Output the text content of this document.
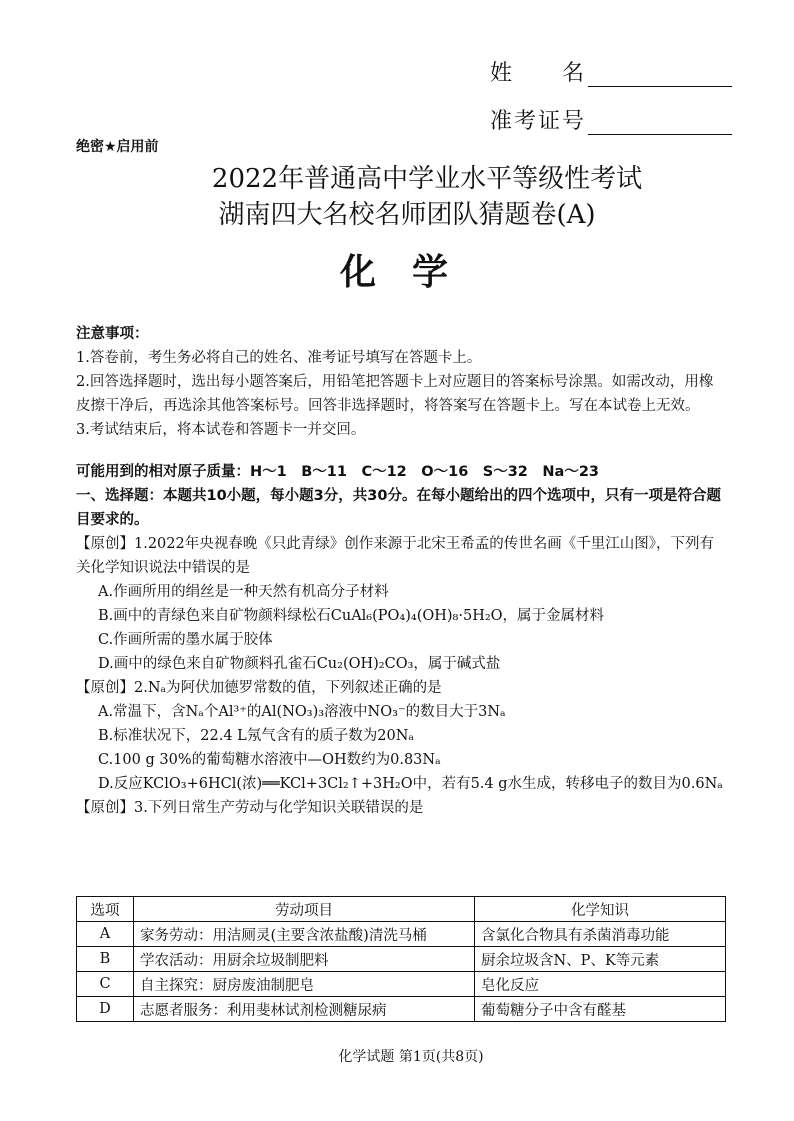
姓　　名
准考证号
绝密★启用前
2022年普通高中学业水平等级性考试
湖南四大名校名师团队猜题卷(A)
化学

注意事项：

1.答卷前，考生务必将自己的姓名、准考证号填写在答题卡上。

2.回答选择题时，选出每小题答案后，用铅笔把答题卡上对应题目的答案标号涂黑。如需改动，用橡皮擦干净后，再选涂其他答案标号。回答非选择题时，将答案写在答题卡上。写在本试卷上无效。

3.考试结束后，将本试卷和答题卡一并交回。

可能用到的相对原子质量：H～1 B～11 C～12 O～16 S～32 Na～23

一、选择题：本题共10小题，每小题3分，共30分。在每小题给出的四个选项中，只有一项是符合题目要求的。

【原创】1.2022年央视春晚《只此青绿》创作来源于北宋王希孟的传世名画《千里江山图》，下列有关化学知识说法中错误的是

A.作画所用的绢丝是一种天然有机高分子材料

B.画中的青绿色来自矿物颜料绿松石CuAl₆(PO₄)₄(OH)₈·5H₂O，属于金属材料

C.作画所需的墨水属于胶体

D.画中的绿色来自矿物颜料孔雀石Cu₂(OH)₂CO₃，属于碱式盐

【原创】2.Nₐ为阿伏加德罗常数的值，下列叙述正确的是

A.常温下，含Nₐ个Al³⁺的Al(NO₃)₃溶液中NO₃⁻的数目大于3Nₐ

B.标准状况下，22.4 L氖气含有的质子数为20Nₐ

C.100 g 30%的葡萄糖水溶液中—OH数约为0.83Nₐ

D.反应KClO₃+6HCl(浓)══KCl+3Cl₂↑+3H₂O中，若有5.4 g水生成，转移电子的数目为0.6Nₐ

【原创】3.下列日常生产劳动与化学知识关联错误的是

选项	劳动项目	化学知识
A	家务劳动：用洁厕灵(主要含浓盐酸)清洗马桶	含氯化合物具有杀菌消毒功能
B	学农活动：用厨余垃圾制肥料	厨余垃圾含N、P、K等元素
C	自主探究：厨房废油制肥皂	皂化反应
D	志愿者服务：利用斐林试剂检测糖尿病	葡萄糖分子中含有醛基
化学试题 第1页(共8页)
